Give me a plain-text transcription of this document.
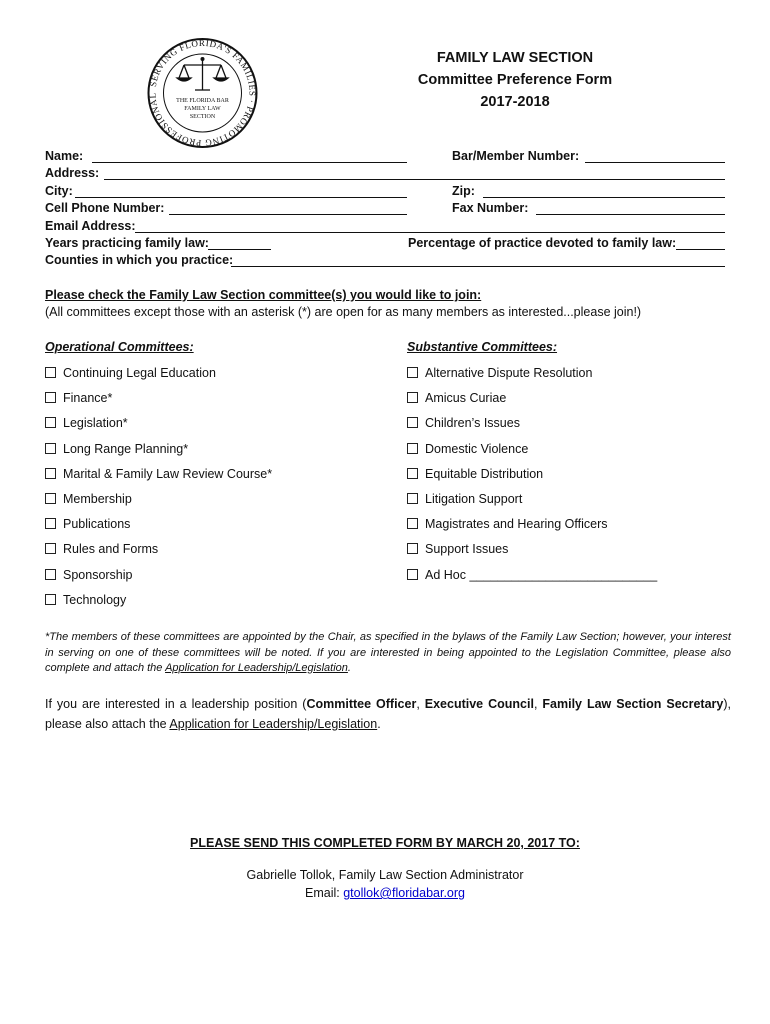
SERVING FLORIDA'S FAMILIES · PROMOTING PROFESSIONAL
THE FLORIDA BAR
FAMILY LAW
SECTION
FAMILY LAW SECTION
Committee Preference Form
2017-2018
Name:	Bar/Member Number:
Address:
City:	Zip:
Cell Phone Number:	Fax Number:
Email Address:
Years practicing family law:	Percentage of practice devoted to family law:
Counties in which you practice:
Please check the Family Law Section committee(s) you would like to join:
(All committees except those with an asterisk (*) are open for as many members as interested...please join!)
Operational Committees:
Continuing Legal Education
Finance*
Legislation*
Long Range Planning*
Marital & Family Law Review Course*
Membership
Publications
Rules and Forms
Sponsorship
Technology
Substantive Committees:
Alternative Dispute Resolution
Amicus Curiae
Children’s Issues
Domestic Violence
Equitable Distribution
Litigation Support
Magistrates and Hearing Officers
Support Issues
Ad Hoc ___________________________
*The members of these committees are appointed by the Chair, as specified in the bylaws of the Family Law Section; however, your interest in serving on one of these committees will be noted. If you are interested in being appointed to the Legislation Committee, please also complete and attach the Application for Leadership/Legislation.
If you are interested in a leadership position (Committee Officer, Executive Council, Family Law Section Secretary), please also attach the Application for Leadership/Legislation.
PLEASE SEND THIS COMPLETED FORM BY MARCH 20, 2017 TO:
Gabrielle Tollok, Family Law Section Administrator
Email: gtollok@floridabar.org
